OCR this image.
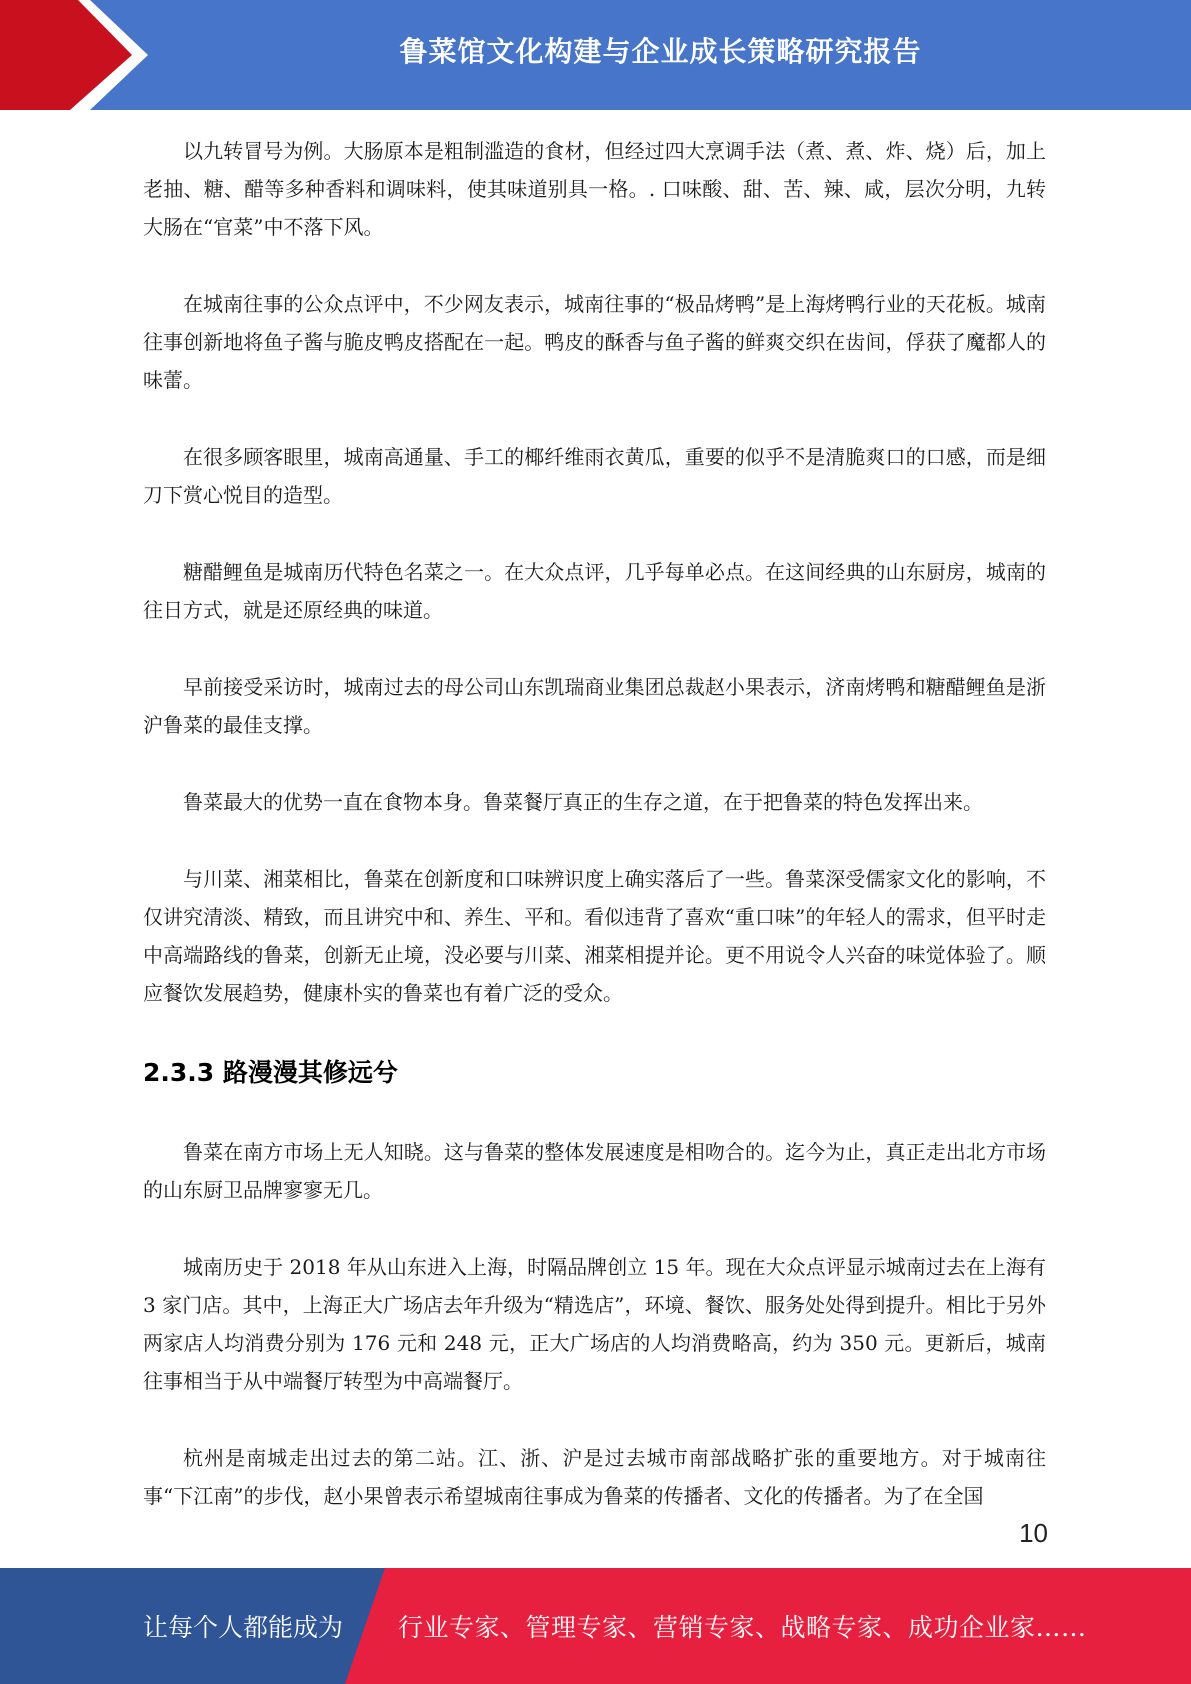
鲁菜馆文化构建与企业成长策略研究报告

以九转冒号为例。大肠原本是粗制滥造的食材，但经过四大烹调手法（煮、煮、炸、烧）后，加上老抽、糖、醋等多种香料和调味料，使其味道别具一格。. 口味酸、甜、苦、辣、咸，层次分明，九转大肠在“官菜”中不落下风。

在城南往事的公众点评中，不少网友表示，城南往事的“极品烤鸭”是上海烤鸭行业的天花板。城南往事创新地将鱼子酱与脆皮鸭皮搭配在一起。鸭皮的酥香与鱼子酱的鲜爽交织在齿间，俘获了魔都人的味蕾。

在很多顾客眼里，城南高通量、手工的椰纤维雨衣黄瓜，重要的似乎不是清脆爽口的口感，而是细刀下赏心悦目的造型。

糖醋鲤鱼是城南历代特色名菜之一。在大众点评，几乎每单必点。在这间经典的山东厨房，城南的往日方式，就是还原经典的味道。

早前接受采访时，城南过去的母公司山东凯瑞商业集团总裁赵小果表示，济南烤鸭和糖醋鲤鱼是浙沪鲁菜的最佳支撑。

鲁菜最大的优势一直在食物本身。鲁菜餐厅真正的生存之道，在于把鲁菜的特色发挥出来。

与川菜、湘菜相比，鲁菜在创新度和口味辨识度上确实落后了一些。鲁菜深受儒家文化的影响，不仅讲究清淡、精致，而且讲究中和、养生、平和。看似违背了喜欢“重口味”的年轻人的需求，但平时走中高端路线的鲁菜，创新无止境，没必要与川菜、湘菜相提并论。更不用说令人兴奋的味觉体验了。顺应餐饮发展趋势，健康朴实的鲁菜也有着广泛的受众。

2.3.3 路漫漫其修远兮

鲁菜在南方市场上无人知晓。这与鲁菜的整体发展速度是相吻合的。迄今为止，真正走出北方市场的山东厨卫品牌寥寥无几。

城南历史于 2018 年从山东进入上海，时隔品牌创立 15 年。现在大众点评显示城南过去在上海有 3 家门店。其中，上海正大广场店去年升级为“精选店”，环境、餐饮、服务处处得到提升。相比于另外两家店人均消费分别为 176 元和 248 元，正大广场店的人均消费略高，约为 350 元。更新后，城南往事相当于从中端餐厅转型为中高端餐厅。

杭州是南城走出过去的第二站。江、浙、沪是过去城市南部战略扩张的重要地方。对于城南往事“下江南”的步伐，赵小果曾表示希望城南往事成为鲁菜的传播者、文化的传播者。为了在全国

10
让每个人都能成为 行业专家、管理专家、营销专家、战略专家、成功企业家……
